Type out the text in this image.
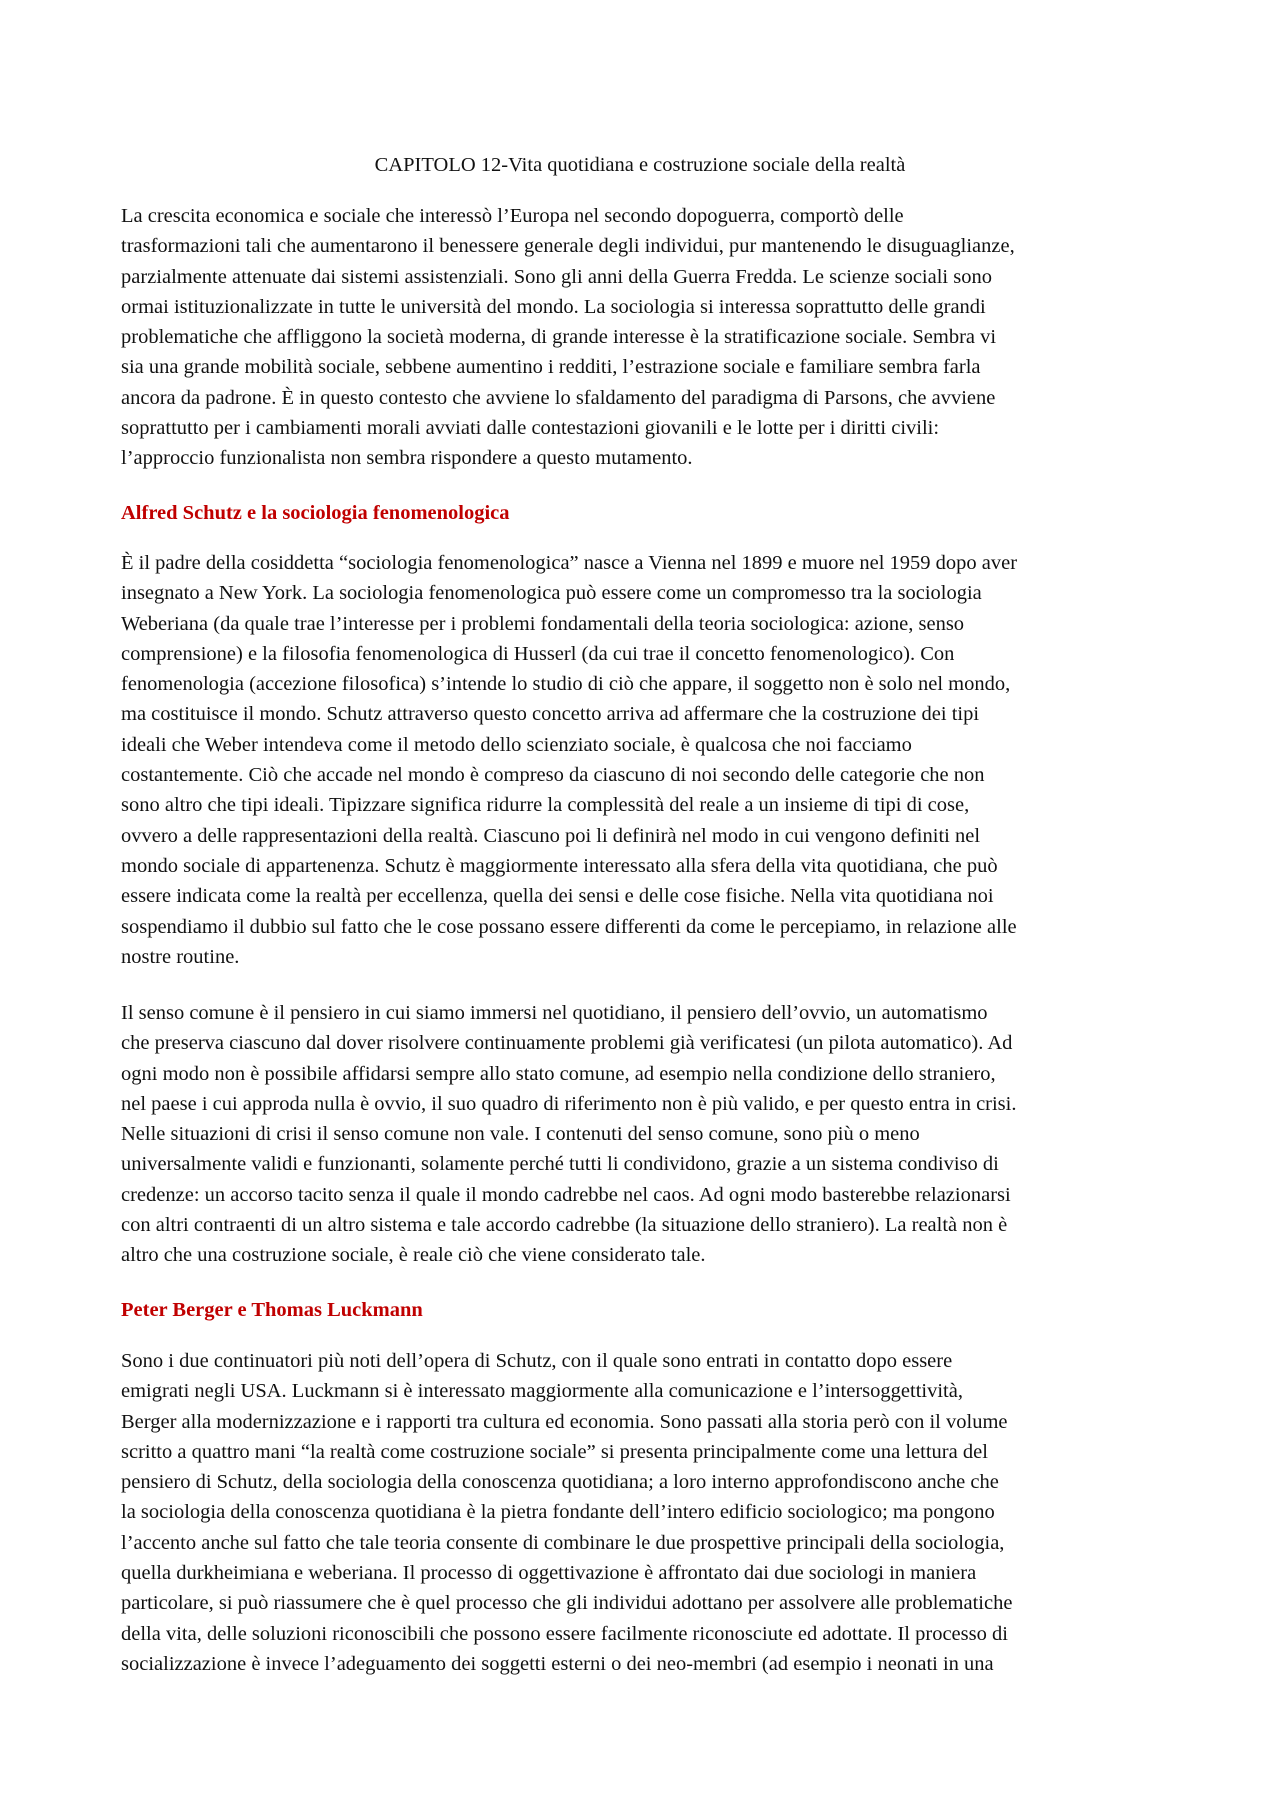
CAPITOLO 12-Vita quotidiana e costruzione sociale della realtà
La crescita economica e sociale che interessò l’Europa nel secondo dopoguerra, comportò delle
trasformazioni tali che aumentarono il benessere generale degli individui, pur mantenendo le disuguaglianze,
parzialmente attenuate dai sistemi assistenziali. Sono gli anni della Guerra Fredda. Le scienze sociali sono
ormai istituzionalizzate in tutte le università del mondo. La sociologia si interessa soprattutto delle grandi
problematiche che affliggono la società moderna, di grande interesse è la stratificazione sociale. Sembra vi
sia una grande mobilità sociale, sebbene aumentino i redditi, l’estrazione sociale e familiare sembra farla
ancora da padrone. È in questo contesto che avviene lo sfaldamento del paradigma di Parsons, che avviene
soprattutto per i cambiamenti morali avviati dalle contestazioni giovanili e le lotte per i diritti civili:
l’approccio funzionalista non sembra rispondere a questo mutamento.
Alfred Schutz e la sociologia fenomenologica
È il padre della cosiddetta “sociologia fenomenologica” nasce a Vienna nel 1899 e muore nel 1959 dopo aver
insegnato a New York. La sociologia fenomenologica può essere come un compromesso tra la sociologia
Weberiana (da quale trae l’interesse per i problemi fondamentali della teoria sociologica: azione, senso
comprensione) e la filosofia fenomenologica di Husserl (da cui trae il concetto fenomenologico). Con
fenomenologia (accezione filosofica) s’intende lo studio di ciò che appare, il soggetto non è solo nel mondo,
ma costituisce il mondo. Schutz attraverso questo concetto arriva ad affermare che la costruzione dei tipi
ideali che Weber intendeva come il metodo dello scienziato sociale, è qualcosa che noi facciamo
costantemente. Ciò che accade nel mondo è compreso da ciascuno di noi secondo delle categorie che non
sono altro che tipi ideali. Tipizzare significa ridurre la complessità del reale a un insieme di tipi di cose,
ovvero a delle rappresentazioni della realtà. Ciascuno poi li definirà nel modo in cui vengono definiti nel
mondo sociale di appartenenza. Schutz è maggiormente interessato alla sfera della vita quotidiana, che può
essere indicata come la realtà per eccellenza, quella dei sensi e delle cose fisiche. Nella vita quotidiana noi
sospendiamo il dubbio sul fatto che le cose possano essere differenti da come le percepiamo, in relazione alle
nostre routine.
Il senso comune è il pensiero in cui siamo immersi nel quotidiano, il pensiero dell’ovvio, un automatismo
che preserva ciascuno dal dover risolvere continuamente problemi già verificatesi (un pilota automatico). Ad
ogni modo non è possibile affidarsi sempre allo stato comune, ad esempio nella condizione dello straniero,
nel paese i cui approda nulla è ovvio, il suo quadro di riferimento non è più valido, e per questo entra in crisi.
Nelle situazioni di crisi il senso comune non vale. I contenuti del senso comune, sono più o meno
universalmente validi e funzionanti, solamente perché tutti li condividono, grazie a un sistema condiviso di
credenze: un accorso tacito senza il quale il mondo cadrebbe nel caos. Ad ogni modo basterebbe relazionarsi
con altri contraenti di un altro sistema e tale accordo cadrebbe (la situazione dello straniero). La realtà non è
altro che una costruzione sociale, è reale ciò che viene considerato tale.
Peter Berger e Thomas Luckmann
Sono i due continuatori più noti dell’opera di Schutz, con il quale sono entrati in contatto dopo essere
emigrati negli USA. Luckmann si è interessato maggiormente alla comunicazione e l’intersoggettività,
Berger alla modernizzazione e i rapporti tra cultura ed economia. Sono passati alla storia però con il volume
scritto a quattro mani “la realtà come costruzione sociale” si presenta principalmente come una lettura del
pensiero di Schutz, della sociologia della conoscenza quotidiana; a loro interno approfondiscono anche che
la sociologia della conoscenza quotidiana è la pietra fondante dell’intero edificio sociologico; ma pongono
l’accento anche sul fatto che tale teoria consente di combinare le due prospettive principali della sociologia,
quella durkheimiana e weberiana. Il processo di oggettivazione è affrontato dai due sociologi in maniera
particolare, si può riassumere che è quel processo che gli individui adottano per assolvere alle problematiche
della vita, delle soluzioni riconoscibili che possono essere facilmente riconosciute ed adottate. Il processo di
socializzazione è invece l’adeguamento dei soggetti esterni o dei neo-membri (ad esempio i neonati in una
